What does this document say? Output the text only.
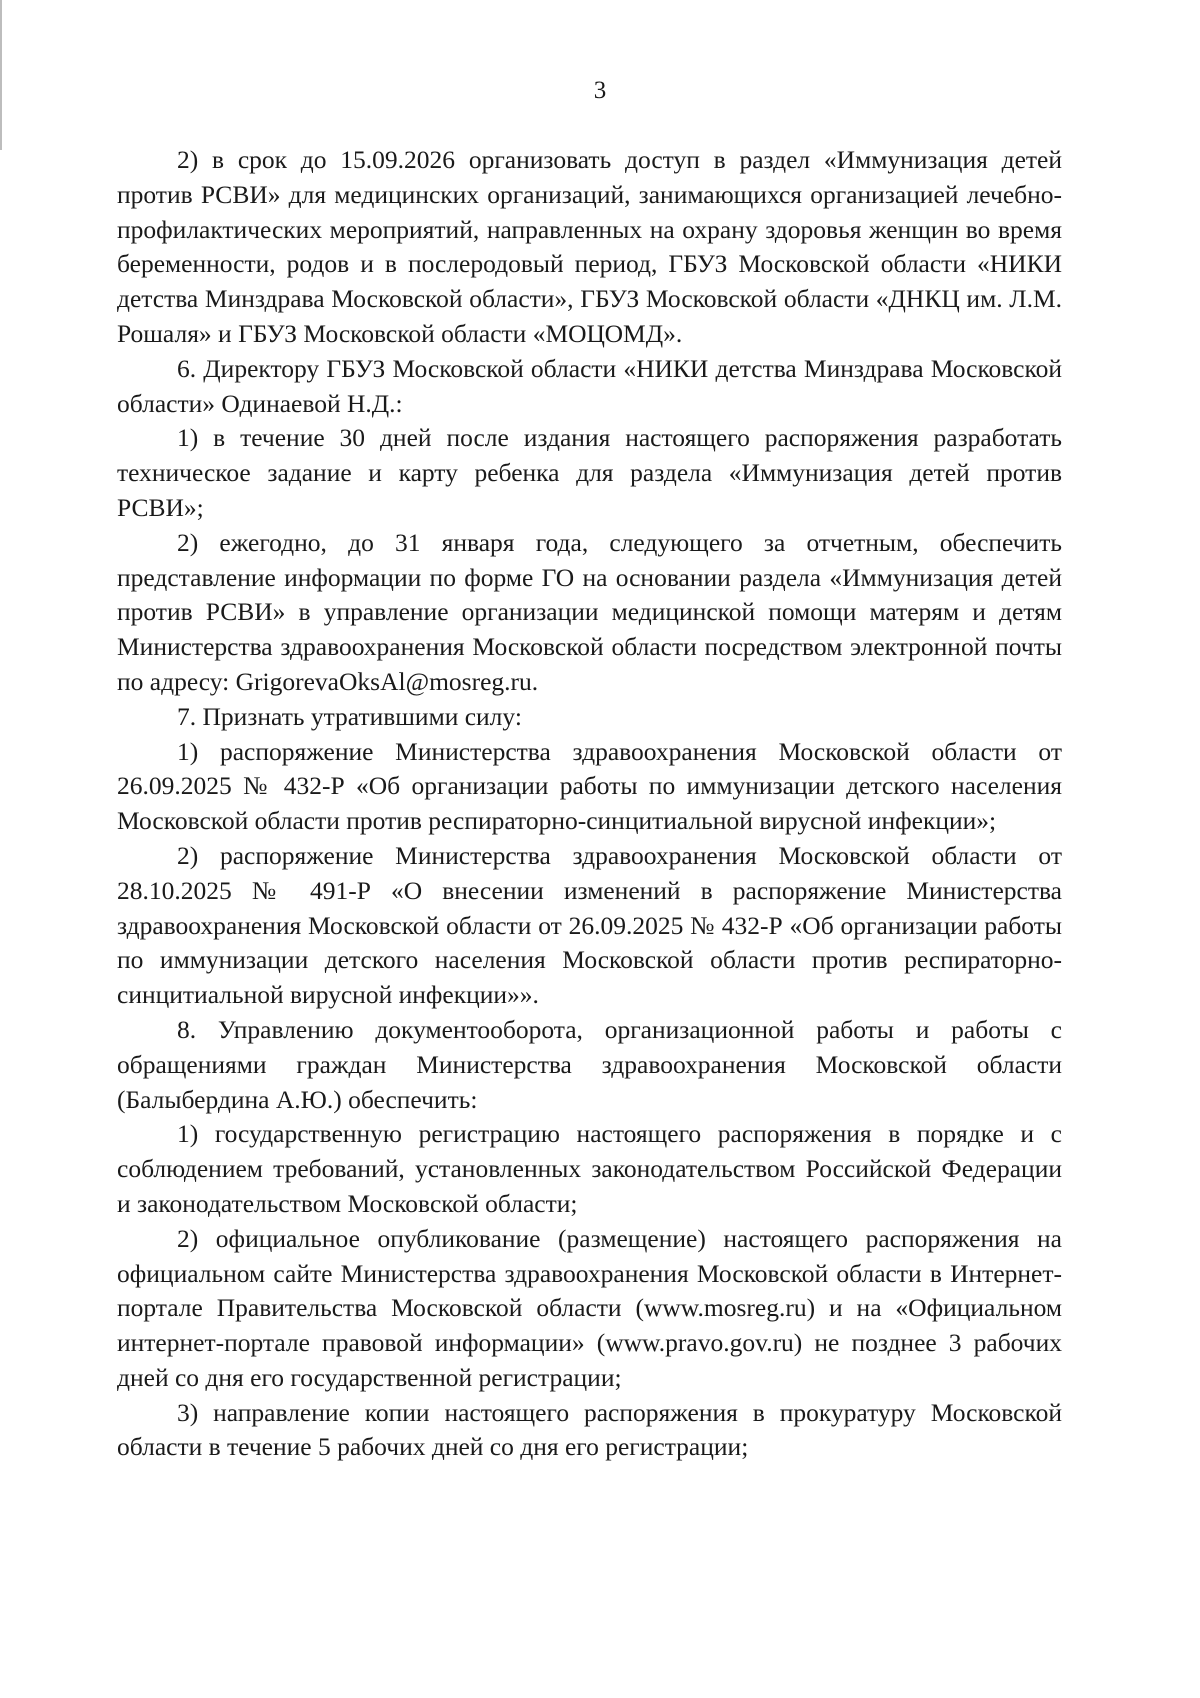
3

2) в срок до 15.09.2026 организовать доступ в раздел «Иммунизация детей против РСВИ» для медицинских организаций, занимающихся организацией лечебно-профилактических мероприятий, направленных на охрану здоровья женщин во время беременности, родов и в послеродовый период, ГБУЗ Московской области «НИКИ детства Минздрава Московской области», ГБУЗ Московской области «ДНКЦ им. Л.М. Рошаля» и ГБУЗ Московской области «МОЦОМД».

6. Директору ГБУЗ Московской области «НИКИ детства Минздрава Московской области» Одинаевой Н.Д.:

1) в течение 30 дней после издания настоящего распоряжения разработать техническое задание и карту ребенка для раздела «Иммунизация детей против РСВИ»;

2) ежегодно, до 31 января года, следующего за отчетным, обеспечить представление информации по форме ГО на основании раздела «Иммунизация детей против РСВИ» в управление организации медицинской помощи матерям и детям Министерства здравоохранения Московской области посредством электронной почты по адресу: GrigorevaOksAl@mosreg.ru.

7. Признать утратившими силу:

1) распоряжение Министерства здравоохранения Московской области от 26.09.2025 № 432-Р «Об организации работы по иммунизации детского населения Московской области против респираторно-синцитиальной вирусной инфекции»;

2) распоряжение Министерства здравоохранения Московской области от 28.10.2025 № 491-Р «О внесении изменений в распоряжение Министерства здравоохранения Московской области от 26.09.2025 № 432-Р «Об организации работы по иммунизации детского населения Московской области против респираторно-синцитиальной вирусной инфекции»».

8. Управлению документооборота, организационной работы и работы с обращениями граждан Министерства здравоохранения Московской области (Балыбердина А.Ю.) обеспечить:

1) государственную регистрацию настоящего распоряжения в порядке и с соблюдением требований, установленных законодательством Российской Федерации и законодательством Московской области;

2) официальное опубликование (размещение) настоящего распоряжения на официальном сайте Министерства здравоохранения Московской области в Интернет-портале Правительства Московской области (www.mosreg.ru) и на «Официальном интернет-портале правовой информации» (www.pravo.gov.ru) не позднее 3 рабочих дней со дня его государственной регистрации;

3) направление копии настоящего распоряжения в прокуратуру Московской области в течение 5 рабочих дней со дня его регистрации;
